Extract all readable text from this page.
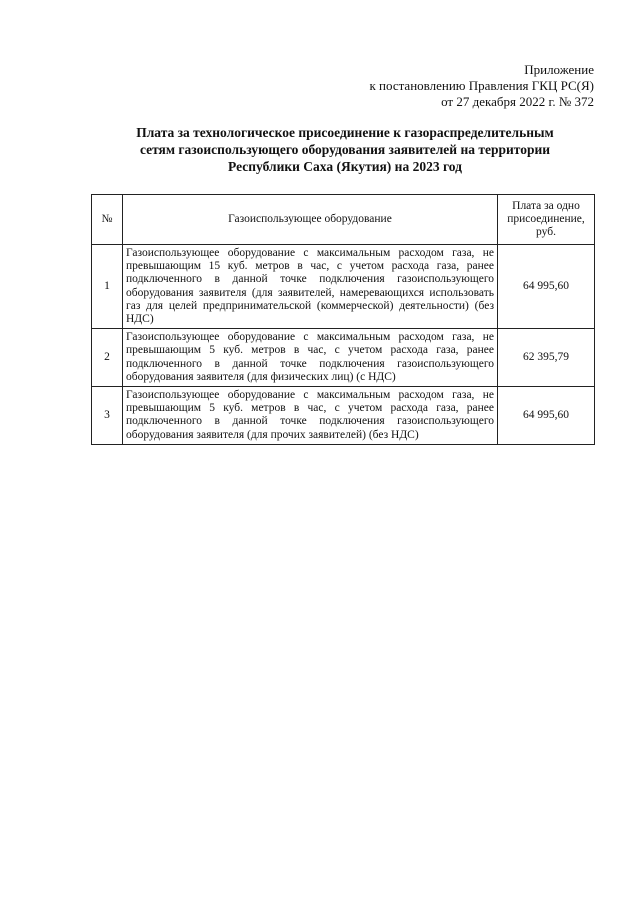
Приложение
к постановлению Правления ГКЦ РС(Я)
от 27 декабря 2022 г. № 372
Плата за технологическое присоединение к газораспределительным
сетям газоиспользующего оборудования заявителей на территории
Республики Саха (Якутия) на 2023 год
№	Газоиспользующее оборудование	Плата за одно присоединение, руб.
1	Газоиспользующее оборудование с максимальным расходом газа, не превышающим 15 куб. метров в час, с учетом расхода газа, ранее подключенного в данной точке подключения газоиспользующего оборудования заявителя (для заявителей, намеревающихся использовать газ для целей предпринимательской (коммерческой) деятельности) (без НДС)	64 995,60
2	Газоиспользующее оборудование с максимальным расходом газа, не превышающим 5 куб. метров в час, с учетом расхода газа, ранее подключенного в данной точке подключения газоиспользующего оборудования заявителя (для физических лиц) (с НДС)	62 395,79
3	Газоиспользующее оборудование с максимальным расходом газа, не превышающим 5 куб. метров в час, с учетом расхода газа, ранее подключенного в данной точке подключения газоиспользующего оборудования заявителя (для прочих заявителей) (без НДС)	64 995,60
